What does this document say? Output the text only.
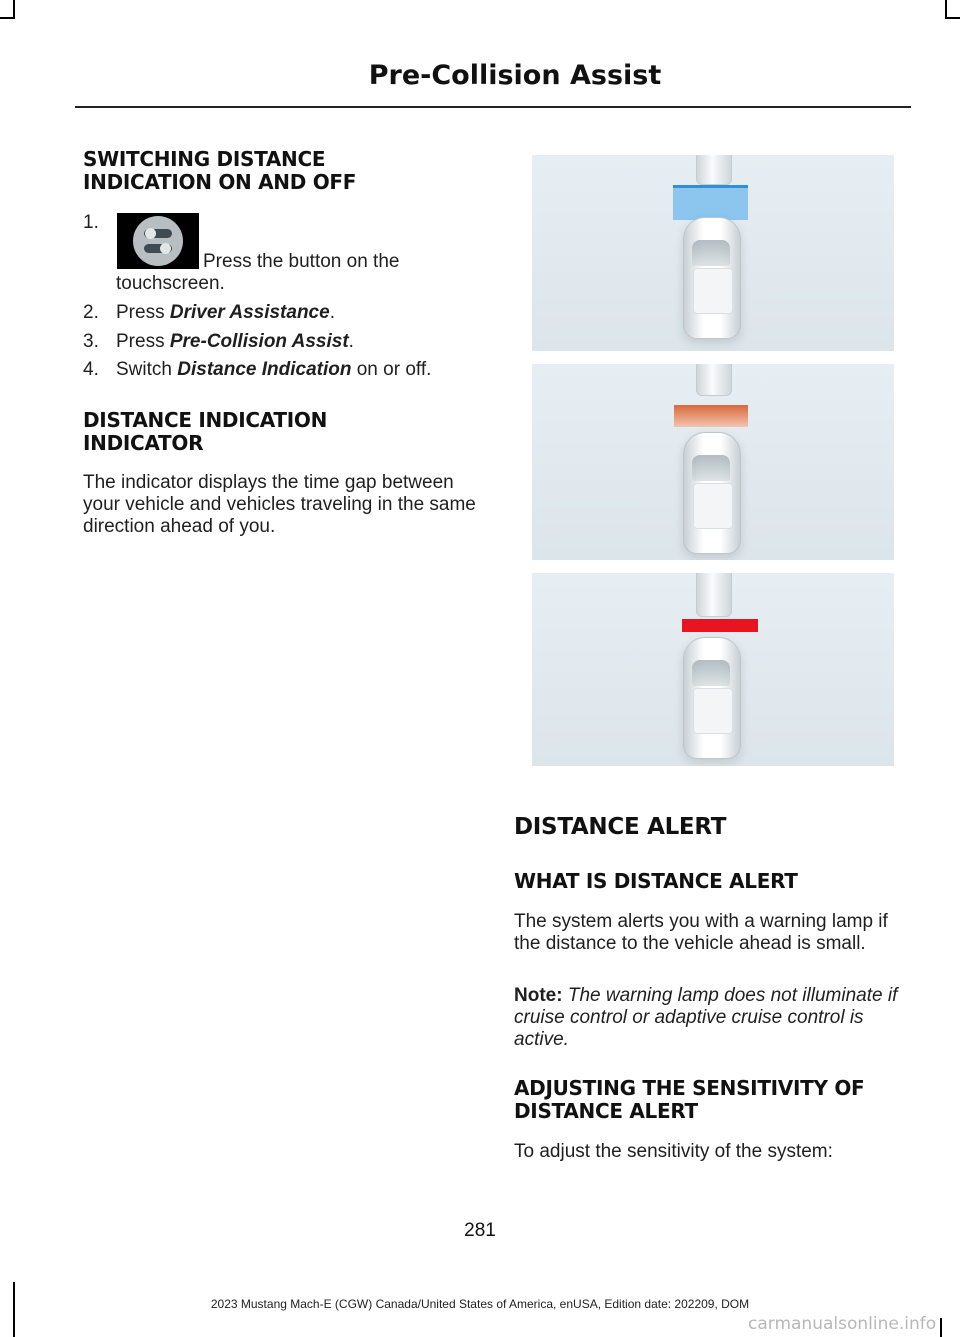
Pre-Collision Assist
SWITCHING DISTANCE
INDICATION ON AND OFF
1.
Press the button on the touchscreen.
2. Press Driver Assistance.
3. Press Pre-Collision Assist.
4. Switch Distance Indication on or off.
DISTANCE INDICATION
INDICATOR
The indicator displays the time gap between your vehicle and vehicles traveling in the same direction ahead of you.
DISTANCE ALERT
WHAT IS DISTANCE ALERT
The system alerts you with a warning lamp if the distance to the vehicle ahead is small.
Note: The warning lamp does not illuminate if cruise control or adaptive cruise control is active.
ADJUSTING THE SENSITIVITY OF
DISTANCE ALERT
To adjust the sensitivity of the system:
281
2023 Mustang Mach-E (CGW) Canada/United States of America, enUSA, Edition date: 202209, DOM
carmanualsonline.info
